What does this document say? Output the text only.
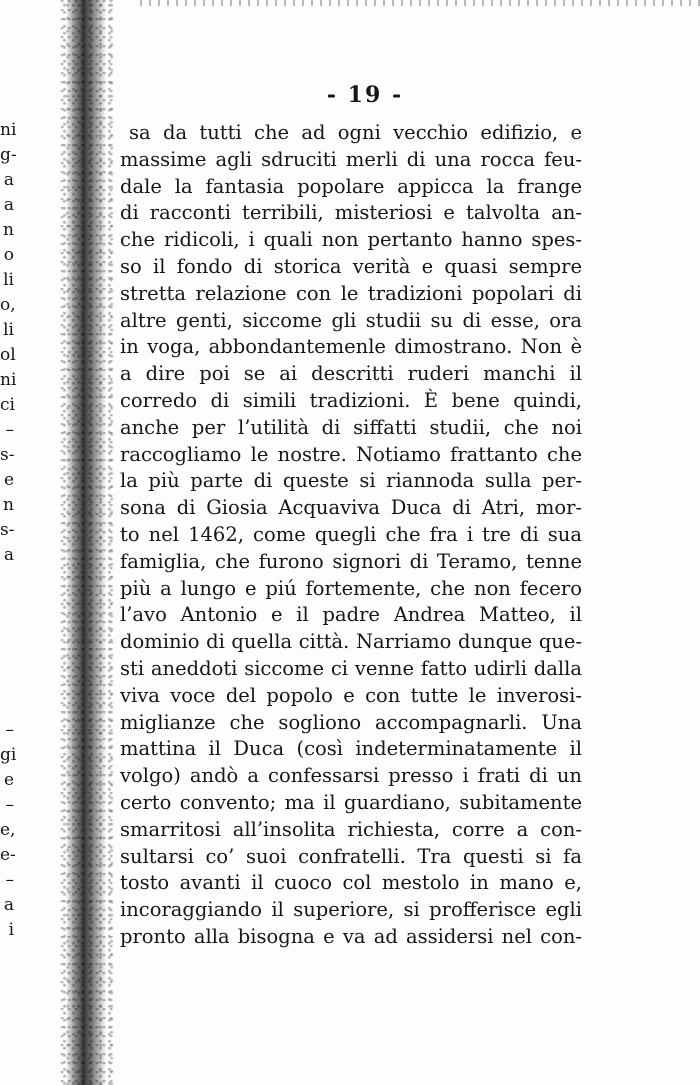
ni
g-
a
a
n
o
li
o,
li
ol
ni
ci
–
s-
e
n
s-
a
–
gi
e
–
e,
e-
–
a
i
- 19 -
sa da tutti che ad ogni vecchio edifizio, e
massime agli sdruciti merli di una rocca feu-
dale la fantasia popolare appicca la frange
di racconti terribili, misteriosi e talvolta an-
che ridicoli, i quali non pertanto hanno spes-
so il fondo di storica verità e quasi sempre
stretta relazione con le tradizioni popolari di
altre genti, siccome gli studii su di esse, ora
in voga, abbondantemenle dimostrano. Non è
a dire poi se ai descritti ruderi manchi il
corredo di simili tradizioni. È bene quindi,
anche per l’utilità di siffatti studii, che noi
raccogliamo le nostre. Notiamo frattanto che
la più parte di queste si riannoda sulla per-
sona di Giosia Acquaviva Duca di Atri, mor-
to nel 1462, come quegli che fra i tre di sua
famiglia, che furono signori di Teramo, tenne
più a lungo e piú fortemente, che non fecero
l’avo Antonio e il padre Andrea Matteo, il
dominio di quella città. Narriamo dunque que-
sti aneddoti siccome ci venne fatto udirli dalla
viva voce del popolo e con tutte le inverosi-
miglianze che sogliono accompagnarli. Una
mattina il Duca (così indeterminatamente il
volgo) andò a confessarsi presso i frati di un
certo convento; ma il guardiano, subitamente
smarritosi all’insolita richiesta, corre a con-
sultarsi co’ suoi confratelli. Tra questi si fa
tosto avanti il cuoco col mestolo in mano e,
incoraggiando il superiore, si profferisce egli
pronto alla bisogna e va ad assidersi nel con-
